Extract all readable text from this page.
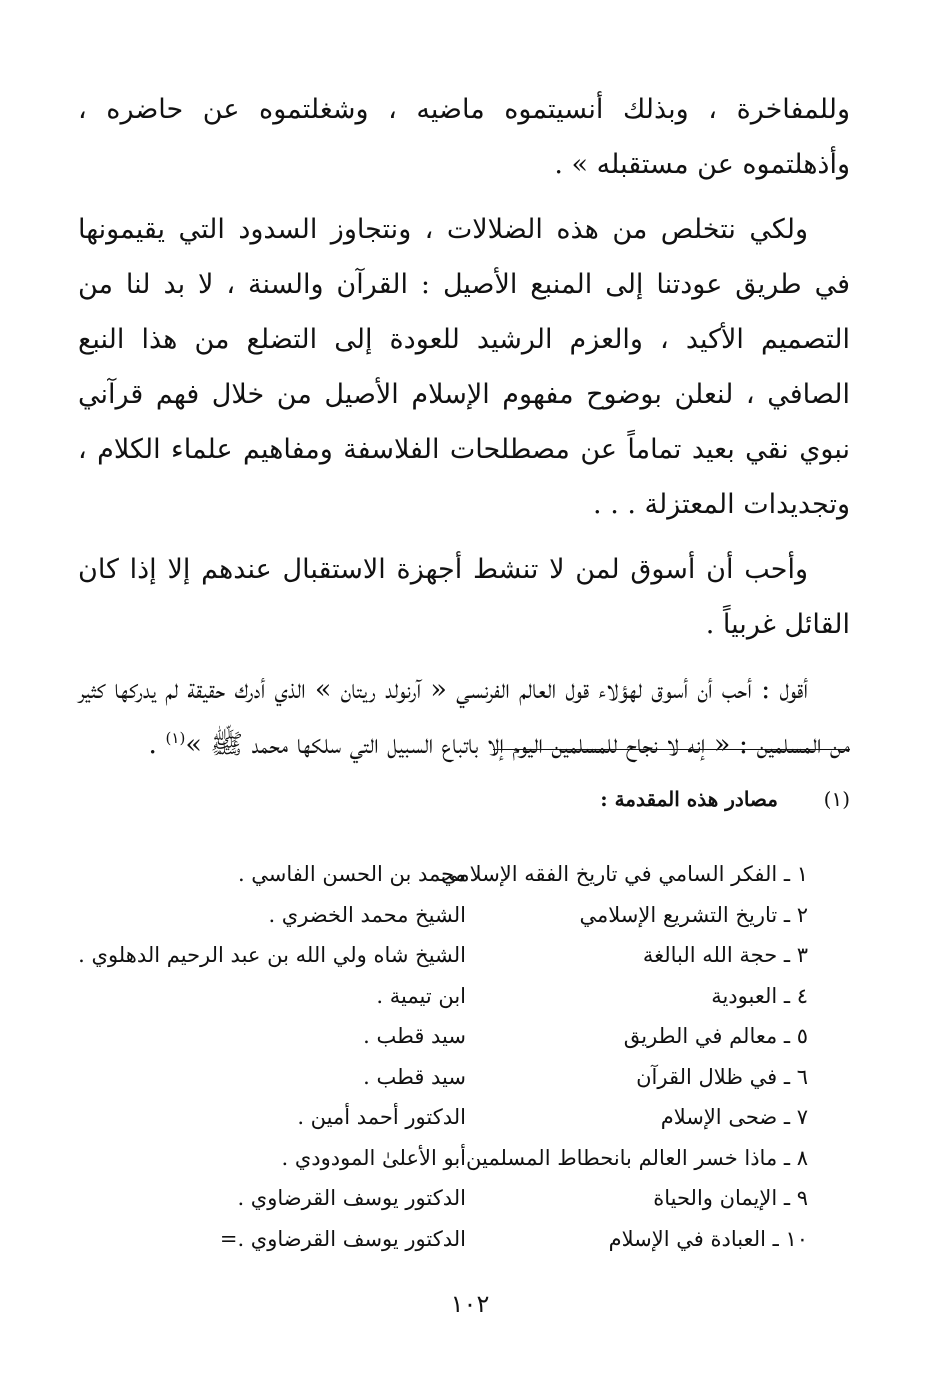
وللمفاخرة ، وبذلك أنسيتموه ماضيه ، وشغلتموه عن حاضره ، وأذهلتموه عن مستقبله » .

ولكي نتخلص من هذه الضلالات ، ونتجاوز السدود التي يقيمونها في طريق عودتنا إلى المنبع الأصيل : القرآن والسنة ، لا بد لنا من التصميم الأكيد ، والعزم الرشيد للعودة إلى التضلع من هذا النبع الصافي ، لنعلن بوضوح مفهوم الإسلام الأصيل من خلال فهم قرآني نبوي نقي بعيد تماماً عن مصطلحات الفلاسفة ومفاهيم علماء الكلام ، وتجديدات المعتزلة . . .

وأحب أن أسوق لمن لا تنشط أجهزة الاستقبال عندهم إلا إذا كان القائل غربياً .

أقول : أحب أن أسوق لهؤلاء قول العالم الفرنسي « آرنولد ريتان » الذي أدرك حقيقة لم يدركها كثير من المسلمين : « إنه لا نجاح للمسلمين اليوم إلا باتباع السبيل التي سلكها محمد ﷺ »$^{(١)}$ .

(١)
مصادر هذه المقدمة :
١ ـ الفكر السامي في تاريخ الفقه الإسلامي
محمد بن الحسن الفاسي .
٢ ـ تاريخ التشريع الإسلامي
الشيخ محمد الخضري .
٣ ـ حجة الله البالغة
الشيخ شاه ولي الله بن عبد الرحيم الدهلوي .
٤ ـ العبودية
ابن تيمية .
٥ ـ معالم في الطريق
سيد قطب .
٦ ـ في ظلال القرآن
سيد قطب .
٧ ـ ضحى الإسلام
الدكتور أحمد أمين .
٨ ـ ماذا خسر العالم بانحطاط المسلمين
أبو الأعلىٰ المودودي .
٩ ـ الإيمان والحياة
الدكتور يوسف القرضاوي .
١٠ ـ العبادة في الإسلام
الدكتور يوسف القرضاوي .=
١٠٢
